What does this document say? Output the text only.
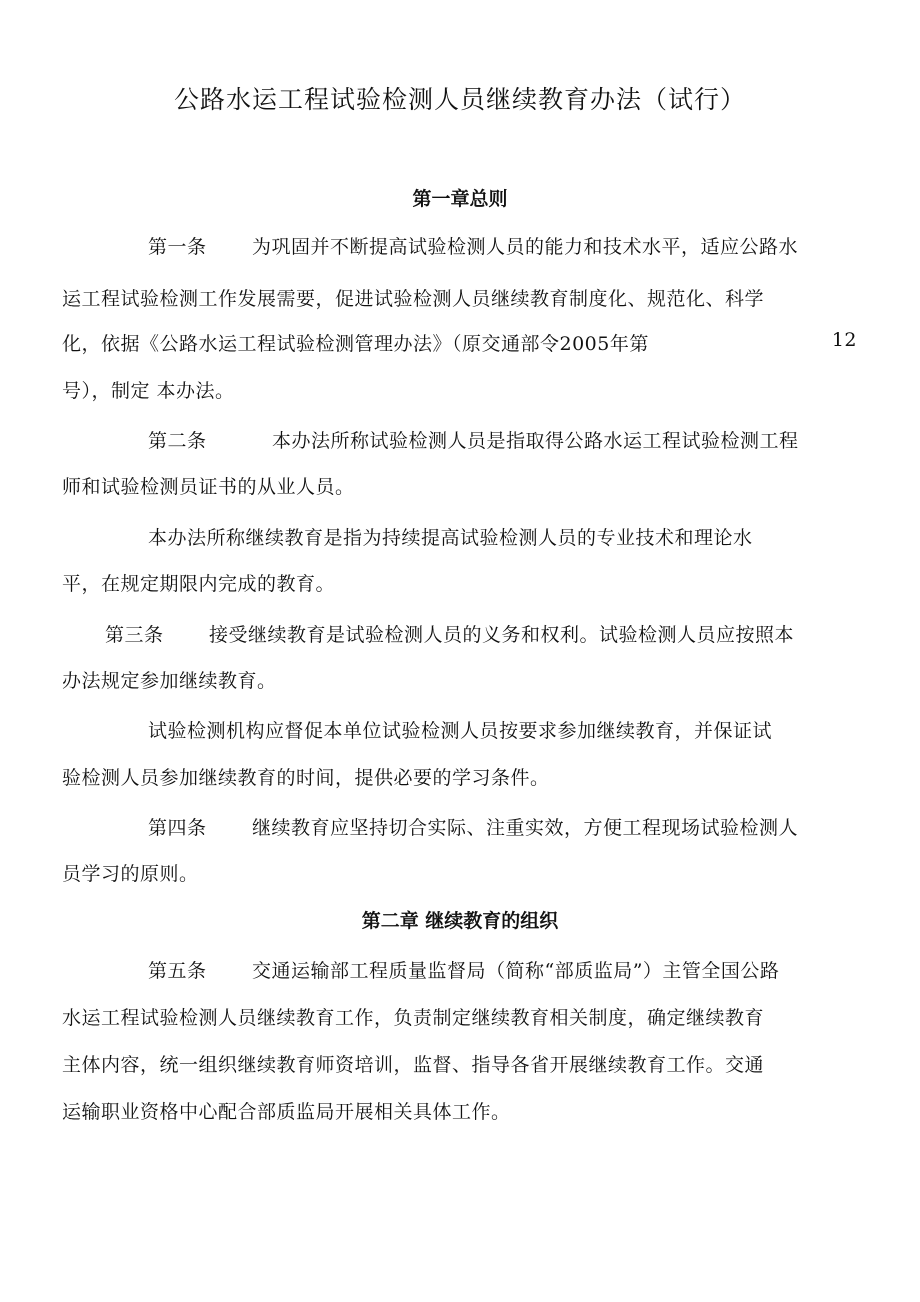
公路水运工程试验检测人员继续教育办法（试行）
第一章总则

第一条 为巩固并不断提高试验检测人员的能力和技术水平，适应公路水

运工程试验检测工作发展需要，促进试验检测人员继续教育制度化、规范化、科学

化，依据《公路水运工程试验检测管理办法》（原交通部令2005年第	12

号），制定 本办法。

第二条	本办法所称试验检测人员是指取得公路水运工程试验检测工程

师和试验检测员证书的从业人员。

本办法所称继续教育是指为持续提高试验检测人员的专业技术和理论水

平，在规定期限内完成的教育。

第三条 接受继续教育是试验检测人员的义务和权利。试验检测人员应按照本

办法规定参加继续教育。

试验检测机构应督促本单位试验检测人员按要求参加继续教育，并保证试

验检测人员参加继续教育的时间，提供必要的学习条件。

第四条 继续教育应坚持切合实际、注重实效，方便工程现场试验检测人

员学习的原则。

第二章 继续教育的组织

第五条 交通运输部工程质量监督局（简称“部质监局”）主管全国公路

水运工程试验检测人员继续教育工作，负责制定继续教育相关制度，确定继续教育

主体内容，统一组织继续教育师资培训，监督、指导各省开展继续教育工作。交通

运输职业资格中心配合部质监局开展相关具体工作。
